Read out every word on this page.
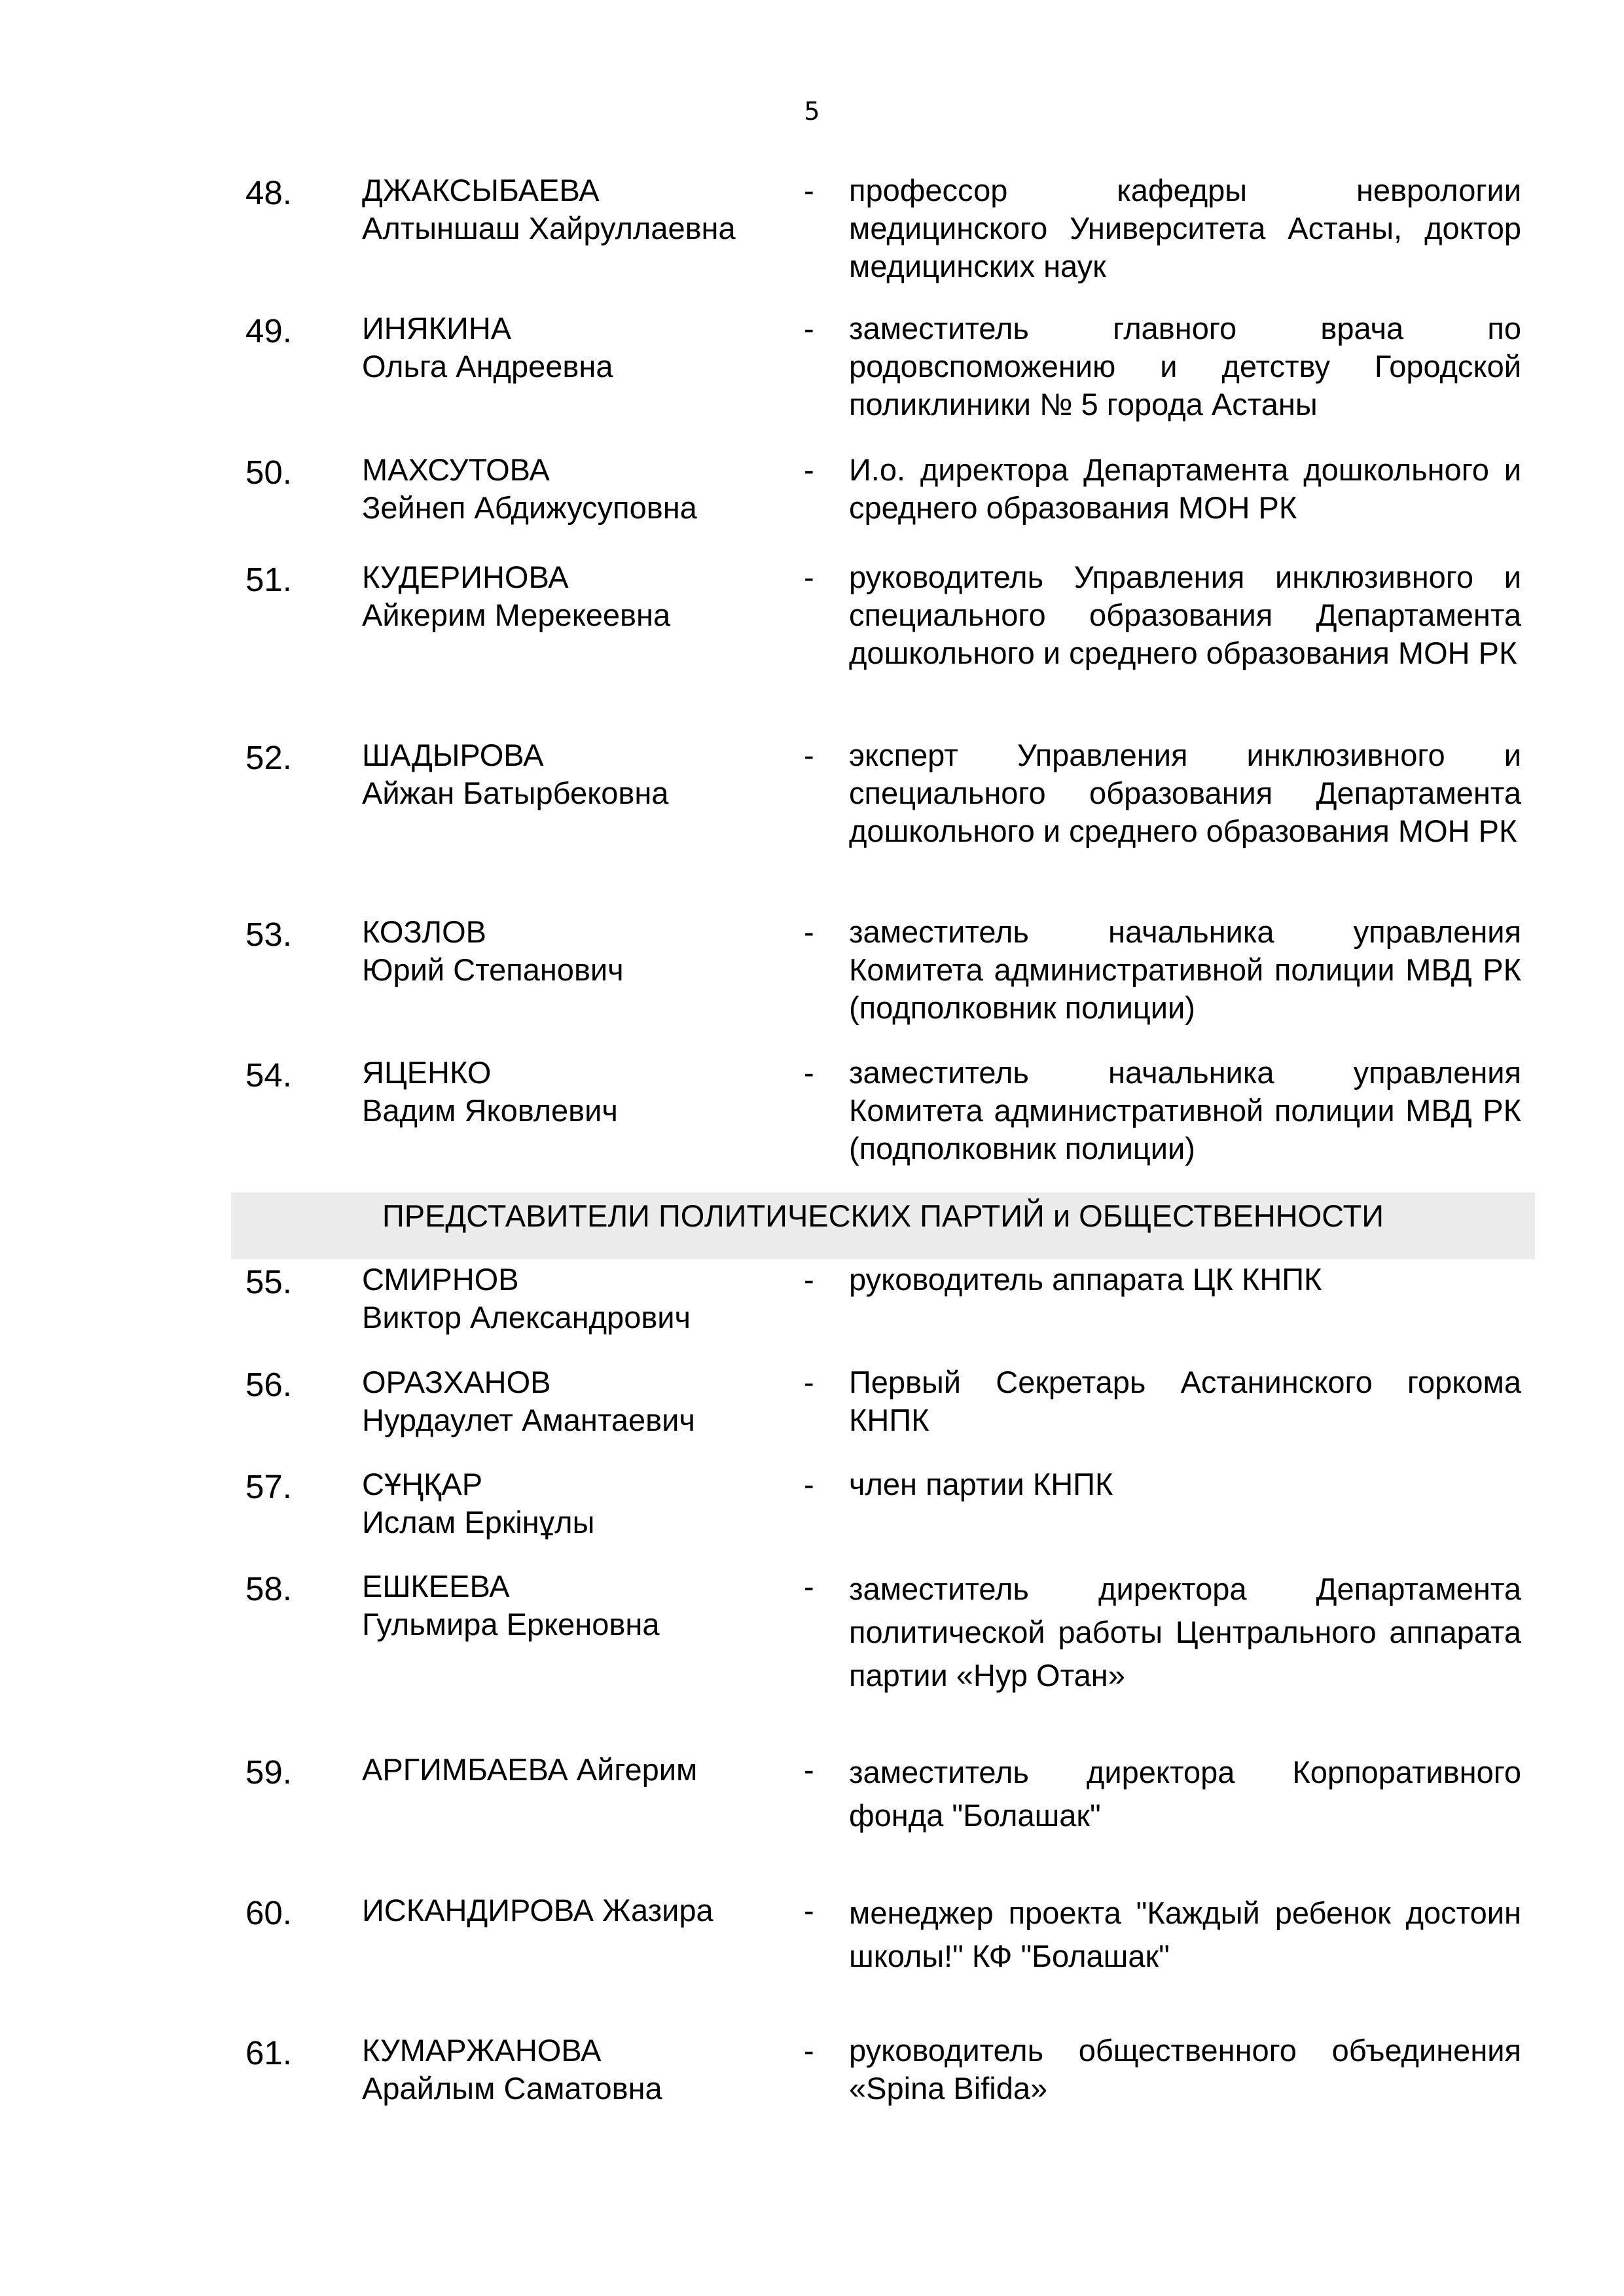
5
ПРЕДСТАВИТЕЛИ ПОЛИТИЧЕСКИХ ПАРТИЙ и ОБЩЕСТВЕННОСТИ
48. ДЖАКСЫБАЕВА
Алтыншаш Хайруллаевна
- профессор кафедры неврологии медицинского Университета Астаны, доктор медицинских наук
49. ИНЯКИНА
Ольга Андреевна
- заместитель главного врача по родовспоможению и детству Городской поликлиники № 5 города Астаны
50. МАХСУТОВА
Зейнеп Абдижусуповна
- И.о. директора Департамента дошкольного и среднего образования МОН РК
51. КУДЕРИНОВА
Айкерим Мерекеевна
- руководитель Управления инклюзивного и специального образования Департамента дошкольного и среднего образования МОН РК
52. ШАДЫРОВА
Айжан Батырбековна
- эксперт Управления инклюзивного и специального образования Департамента дошкольного и среднего образования МОН РК
53. КОЗЛОВ
Юрий Степанович
- заместитель начальника управления Комитета административной полиции МВД РК (подполковник полиции)
54. ЯЦЕНКО
Вадим Яковлевич
- заместитель начальника управления Комитета административной полиции МВД РК (подполковник полиции)
55. СМИРНОВ
Виктор Александрович
- руководитель аппарата ЦК КНПК
56. ОРАЗХАНОВ
Нурдаулет Амантаевич
- Первый Секретарь Астанинского горкома КНПК
57. СҰҢҚАР
Ислам Еркінұлы
- член партии КНПК
58. ЕШКЕЕВА
Гульмира Еркеновна
- заместитель директора Департамента политической работы Центрального аппарата партии «Нур Отан»
59. АРГИМБАЕВА Айгерим	- заместитель директора Корпоративного фонда "Болашак"
60. ИСКАНДИРОВА Жазира	- менеджер проекта "Каждый ребенок достоин школы!" КФ "Болашак"
61. КУМАРЖАНОВА
Арайлым Саматовна
- руководитель общественного объединения «Spina Bifida»
